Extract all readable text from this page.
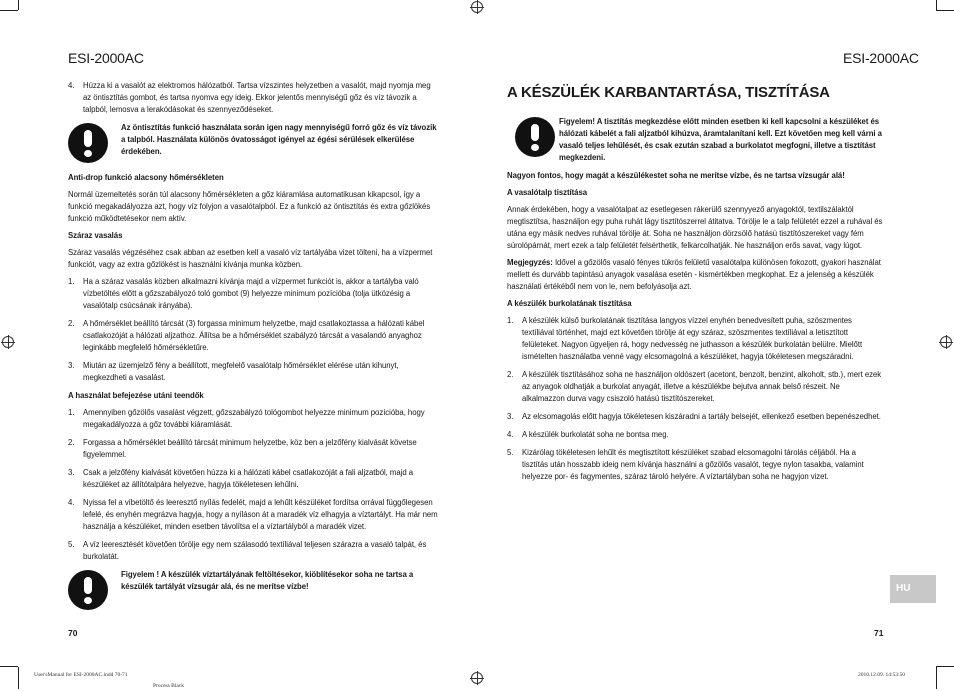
ESI-2000AC	ESI-2000AC
4. Húzza ki a vasalót az elektromos hálózatból. Tartsa vízszintes helyzetben a vasalót, majd nyomja meg az öntisztítás gombot, és tartsa nyomva egy ideig. Ekkor jelentős mennyiségű gőz és víz távozik a talpból, lemosva a lerakódásokat és szennyeződéseket.
Az öntisztítás funkció használata során igen nagy mennyiségű forró gőz és víz távozik a talpból. Használata különös óvatosságot igényel az égési sérülések elkerülése érdekében.

Anti-drop funkció alacsony hőmérsékleten

Normál üzemeltetés során túl alacsony hőmérsékleten a gőz kiáramlása automatikusan kikapcsol, így a funkció megakadályozza azt, hogy víz folyjon a vasalótalpból. Ez a funkció az öntisztítás és extra gőzlökés funkció működtetésekor nem aktív.

Száraz vasalás

Száraz vasalás végzéséhez csak abban az esetben kell a vasaló víz tartályába vizet tölteni, ha a vízpermet funkciót, vagy az extra gőzlökést is használni kívánja munka közben.

1. Ha a száraz vasalás közben alkalmazni kívánja majd a vízpermet funkciót is, akkor a tartályba való vízbetöltés előtt a gőzszabályozó toló gombot (9) helyezze minimum pozícióba (tolja ütközésig a vasalótalp csúcsának irányába).
2. A hőmérséklet beállító tárcsát (3) forgassa minimum helyzetbe, majd csatlakoztassa a hálózati kábel csatlakozóját a hálózati aljzathoz. Állítsa be a hőmérséklet szabályzó tárcsát a vasalandó anyaghoz leginkább megfelelő hőmérsékletűre.
3. Miután az üzemjelző fény a beállított, megfelelő vasalótalp hőmérséklet elérése után kihunyt, megkezdheti a vasalást.

A használat befejezése utáni teendők

1. Amennyiben gőzölős vasalást végzett, gőzszabályzó tológombot helyezze minimum pozícióba, hogy megakadályozza a gőz további kiáramlását.
2. Forgassa a hőmérséklet beállító tárcsát minimum helyzetbe, köz ben a jelzőfény kialvását követse figyelemmel.
3. Csak a jelzőfény kialvását követően húzza ki a hálózati kábel csatlakozóját a fali aljzatból, majd a készüléket az állítótalpára helyezve, hagyja tökéletesen lehűlni.
4. Nyissa fel a víbetöltő és leeresztő nyílás fedelét, majd a lehűlt készüléket fordítsa orrával függőlegesen lefelé, és enyhén megrázva hagyja, hogy a nyíláson át a maradék víz elhagyja a víztartályt. Ha már nem használja a készüléket, minden esetben távolítsa el a víztartályból a maradék vizet.
5. A víz leeresztését követően törölje egy nem szálasodó textíliával teljesen szárazra a vasaló talpát, és burkolatát.
Figyelem ! A készülék víztartályának feltöltésekor, kiöblítésekor soha ne tartsa a készülék tartályát vízsugár alá, és ne merítse vízbe!
70
A KÉSZÜLÉK KARBANTARTÁSA, TISZTÍTÁSA
Figyelem! A tisztítás megkezdése előtt minden esetben ki kell kapcsolni a készüléket és hálózati kábelét a fali aljzatból kihúzva, áramtalanítani kell. Ezt követően meg kell várni a vasaló teljes lehűlését, és csak ezután szabad a burkolatot megfogni, illetve a tisztítást megkezdeni.

Nagyon fontos, hogy magát a készülékestet soha ne merítse vízbe, és ne tartsa vízsugár alá!

A vasalótalp tisztítása

Annak érdekében, hogy a vasalótalpat az esetlegesen rákerülő szennyyező anyagoktól, textilszálaktól megtisztítsa, használjon egy puha ruhát lágy tisztítószerrel átitatva. Törölje le a talp felületét ezzel a ruhával és utána egy másik nedves ruhával törölje át. Soha ne használjon dörzsölő hatású tisztítószereket vagy fém súrolópárnát, mert ezek a talp felületét felsérthetik, felkarcolhatják. Ne használjon erős savat, vagy lúgot.

Megjegyzés: Idővel a gőzölős vasaló fényes tükrös felületű vasalótalpa különösen fokozott, gyakori használat mellett és durvább tapintású anyagok vasalása esetén - kismértékben megkophat. Ez a jelenség a készülék használati értékéből nem von le, nem befolyásolja azt.

A készülék burkolatának tisztítása

1. A készülék külső burkolatának tisztítása langyos vízzel enyhén benedvesített puha, szöszmentes textíliával történhet, majd ezt követően törölje át egy száraz, szöszmentes textíliával a letisztított felületeket. Nagyon ügyeljen rá, hogy nedvesség ne juthasson a készülék burkolatán belülre. Mielőtt ismételten használatba venné vagy elcsomagolná a készüléket, hagyja tökéletesen megszáradni.
2. A készülék tisztításához soha ne használjon oldószert (acetont, benzolt, benzint, alkoholt, stb.), mert ezek az anyagok oldhatják a burkolat anyagát, illetve a készülékbe bejutva annak belső részeit. Ne alkalmazzon durva vagy csiszoló hatású tisztítószereket.
3. Az elcsomagolás előtt hagyja tökéletesen kiszáradni a tartály belsejét, ellenkező esetben bepenészedhet.
4. A készülék burkolatát soha ne bontsa meg.
5. Kizárólag tökéletesen lehűlt és megtisztított készüléket szabad elcsomagolni tárolás céljából. Ha a tisztítás után hosszabb ideig nem kívánja használni a gőzölős vasalót, tegye nylon tasakba, valamint helyezze por- és fagymentes, száraz tároló helyére. A víztartályban soha ne hagyjon vizet.
71
HU
User'sManual for ESI-2000AC.indd 70-71	2010.12.09. 14:53:50
Process Black
